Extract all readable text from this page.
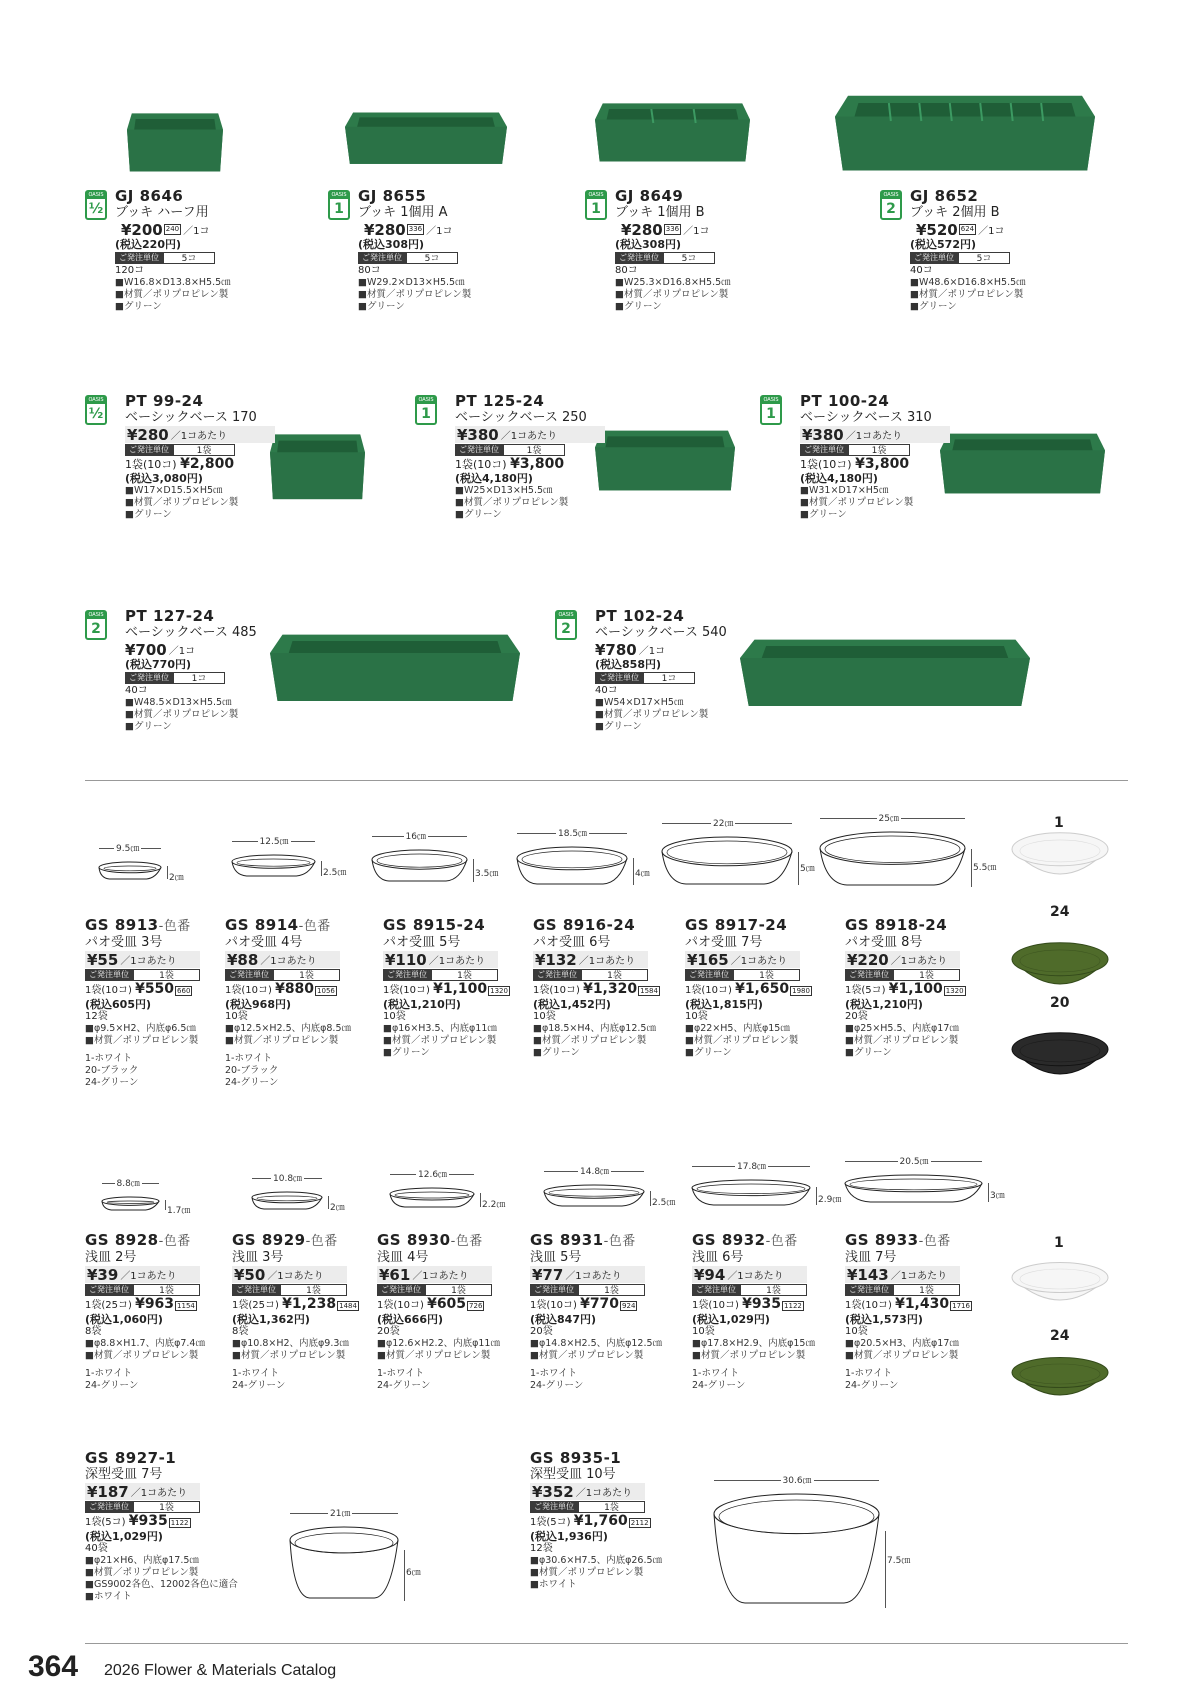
OASIS
½
GJ 8646
ブッキ ハーフ用
¥200 240 ／1コ
(税込220円)
ご発注単位	5コ
120コ
■W16.8×D13.8×H5.5㎝
■材質／ポリプロピレン製
■グリーン
OASIS
1
GJ 8655
ブッキ 1個用 A
¥280 336 ／1コ
(税込308円)
ご発注単位	5コ
80コ
■W29.2×D13×H5.5㎝
■材質／ポリプロピレン製
■グリーン
OASIS
1
GJ 8649
ブッキ 1個用 B
¥280 336 ／1コ
(税込308円)
ご発注単位	5コ
80コ
■W25.3×D16.8×H5.5㎝
■材質／ポリプロピレン製
■グリーン
OASIS
2
GJ 8652
ブッキ 2個用 B
¥520 624 ／1コ
(税込572円)
ご発注単位	5コ
40コ
■W48.6×D16.8×H5.5㎝
■材質／ポリプロピレン製
■グリーン
OASIS
½
PT 99-24
ベーシックベース 170
¥280 ／1コあたり
ご発注単位	1袋
1袋(10コ) ¥2,800
(税込3,080円)
■W17×D15.5×H5㎝
■材質／ポリプロピレン製
■グリーン
OASIS
1
PT 125-24
ベーシックベース 250
¥380 ／1コあたり
ご発注単位	1袋
1袋(10コ) ¥3,800
(税込4,180円)
■W25×D13×H5.5㎝
■材質／ポリプロピレン製
■グリーン
OASIS
1
PT 100-24
ベーシックベース 310
¥380 ／1コあたり
ご発注単位	1袋
1袋(10コ) ¥3,800
(税込4,180円)
■W31×D17×H5㎝
■材質／ポリプロピレン製
■グリーン
OASIS
2
PT 127-24
ベーシックベース 485
¥700 ／1コ
(税込770円)
ご発注単位	1コ
40コ
■W48.5×D13×H5.5㎝
■材質／ポリプロピレン製
■グリーン
OASIS
2
PT 102-24
ベーシックベース 540
¥780 ／1コ
(税込858円)
ご発注単位	1コ
40コ
■W54×D17×H5㎝
■材質／ポリプロピレン製
■グリーン
9.5㎝
2㎝
GS 8913-色番
パオ受皿 3号
¥55 ／1コあたり
ご発注単位	1袋
1袋(10コ) ¥550 660
(税込605円)
12袋
■φ9.5×H2、内底φ6.5㎝
■材質／ポリプロピレン製
1-ホワイト
20-ブラック
24-グリーン
12.5㎝
2.5㎝
GS 8914-色番
パオ受皿 4号
¥88 ／1コあたり
ご発注単位	1袋
1袋(10コ) ¥880 1056
(税込968円)
10袋
■φ12.5×H2.5、内底φ8.5㎝
■材質／ポリプロピレン製
1-ホワイト
20-ブラック
24-グリーン
16㎝
3.5㎝
GS 8915-24
パオ受皿 5号
¥110 ／1コあたり
ご発注単位	1袋
1袋(10コ) ¥1,100 1320
(税込1,210円)
10袋
■φ16×H3.5、内底φ11㎝
■材質／ポリプロピレン製
■グリーン
18.5㎝
4㎝
GS 8916-24
パオ受皿 6号
¥132 ／1コあたり
ご発注単位	1袋
1袋(10コ) ¥1,320 1584
(税込1,452円)
10袋
■φ18.5×H4、内底φ12.5㎝
■材質／ポリプロピレン製
■グリーン
22㎝
5㎝
GS 8917-24
パオ受皿 7号
¥165 ／1コあたり
ご発注単位	1袋
1袋(10コ) ¥1,650 1980
(税込1,815円)
10袋
■φ22×H5、内底φ15㎝
■材質／ポリプロピレン製
■グリーン
25㎝
5.5㎝
GS 8918-24
パオ受皿 8号
¥220 ／1コあたり
ご発注単位	1袋
1袋(5コ) ¥1,100 1320
(税込1,210円)
20袋
■φ25×H5.5、内底φ17㎝
■材質／ポリプロピレン製
■グリーン
1
24
20
8.8㎝
1.7㎝
GS 8928-色番
浅皿 2号
¥39 ／1コあたり
ご発注単位	1袋
1袋(25コ) ¥963 1154
(税込1,060円)
8袋
■φ8.8×H1.7、内底φ7.4㎝
■材質／ポリプロピレン製
1-ホワイト
24-グリーン
10.8㎝
2㎝
GS 8929-色番
浅皿 3号
¥50 ／1コあたり
ご発注単位	1袋
1袋(25コ) ¥1,238 1484
(税込1,362円)
8袋
■φ10.8×H2、内底φ9.3㎝
■材質／ポリプロピレン製
1-ホワイト
24-グリーン
12.6㎝
2.2㎝
GS 8930-色番
浅皿 4号
¥61 ／1コあたり
ご発注単位	1袋
1袋(10コ) ¥605 726
(税込666円)
20袋
■φ12.6×H2.2、内底φ11㎝
■材質／ポリプロピレン製
1-ホワイト
24-グリーン
14.8㎝
2.5㎝
GS 8931-色番
浅皿 5号
¥77 ／1コあたり
ご発注単位	1袋
1袋(10コ) ¥770 924
(税込847円)
20袋
■φ14.8×H2.5、内底φ12.5㎝
■材質／ポリプロピレン製
1-ホワイト
24-グリーン
17.8㎝
2.9㎝
GS 8932-色番
浅皿 6号
¥94 ／1コあたり
ご発注単位	1袋
1袋(10コ) ¥935 1122
(税込1,029円)
10袋
■φ17.8×H2.9、内底φ15㎝
■材質／ポリプロピレン製
1-ホワイト
24-グリーン
20.5㎝
3㎝
GS 8933-色番
浅皿 7号
¥143 ／1コあたり
ご発注単位	1袋
1袋(10コ) ¥1,430 1716
(税込1,573円)
10袋
■φ20.5×H3、内底φ17㎝
■材質／ポリプロピレン製
1-ホワイト
24-グリーン
1
24
21㎝
6㎝
GS 8927-1
深型受皿 7号
¥187 ／1コあたり
ご発注単位	1袋
1袋(5コ) ¥935 1122
(税込1,029円)
40袋
■φ21×H6、内底φ17.5㎝
■材質／ポリプロピレン製
■GS9002各色、12002各色に適合
■ホワイト
30.6㎝
7.5㎝
GS 8935-1
深型受皿 10号
¥352 ／1コあたり
ご発注単位	1袋
1袋(5コ) ¥1,760 2112
(税込1,936円)
12袋
■φ30.6×H7.5、内底φ26.5㎝
■材質／ポリプロピレン製
■ホワイト
364 2026 Flower & Materials Catalog
